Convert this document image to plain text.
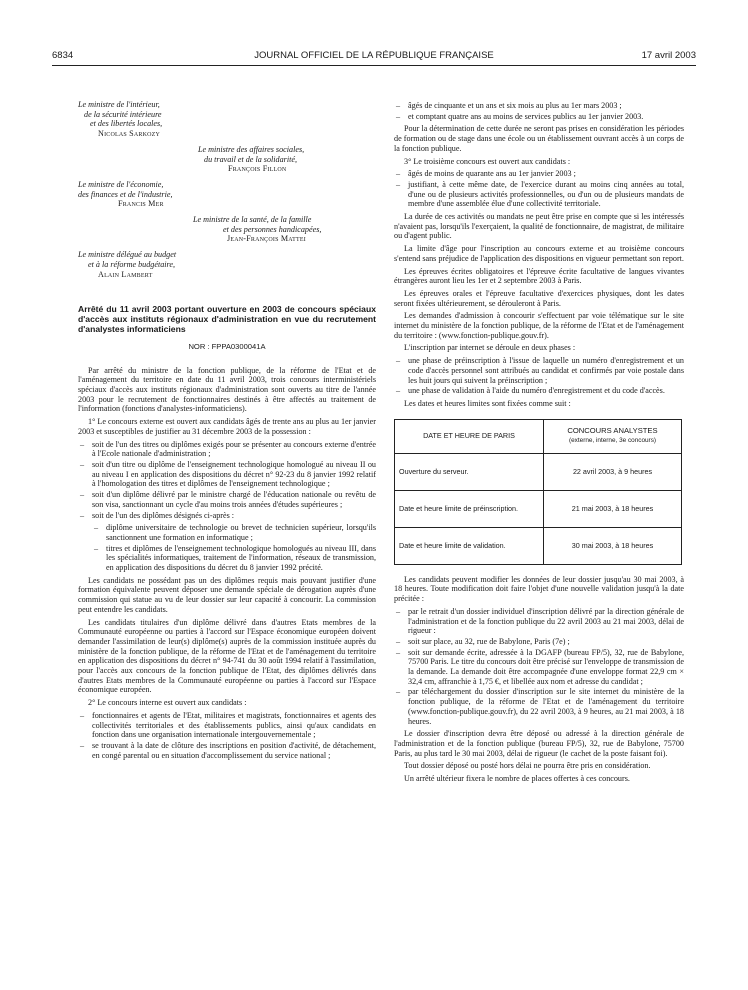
6834	JOURNAL OFFICIEL DE LA RÉPUBLIQUE FRANÇAISE	17 avril 2003

Le ministre de l'intérieur,

de la sécurité intérieure

et des libertés locales,

Nicolas Sarkozy

Le ministre des affaires sociales,

du travail et de la solidarité,

François Fillon

Le ministre de l'économie,

des finances et de l'industrie,

Francis Mer

Le ministre de la santé, de la famille

et des personnes handicapées,

Jean-François Mattei

Le ministre délégué au budget

et à la réforme budgétaire,

Alain Lambert

Arrêté du 11 avril 2003 portant ouverture en 2003 de concours spéciaux d'accès aux instituts régionaux d'administration en vue du recrutement d'analystes informaticiens
NOR : FPPA0300041A

Par arrêté du ministre de la fonction publique, de la réforme de l'Etat et de l'aménagement du territoire en date du 11 avril 2003, trois concours interministériels spéciaux d'accès aux instituts régionaux d'administration sont ouverts au titre de l'année 2003 pour le recrutement de fonctionnaires destinés à être affectés au traitement de l'information (fonctions d'analystes-informaticiens).

1° Le concours externe est ouvert aux candidats âgés de trente ans au plus au 1er janvier 2003 et susceptibles de justifier au 31 décembre 2003 de la possession :

– soit de l'un des titres ou diplômes exigés pour se présenter au concours externe d'entrée à l'Ecole nationale d'administration ;
– soit d'un titre ou diplôme de l'enseignement technologique homologué au niveau II ou au niveau I en application des dispositions du décret n° 92-23 du 8 janvier 1992 relatif à l'homologation des titres et diplômes de l'enseignement technologique ;
– soit d'un diplôme délivré par le ministre chargé de l'éducation nationale ou revêtu de son visa, sanctionnant un cycle d'au moins trois années d'études supérieures ;
– soit de l'un des diplômes désignés ci-après :
– diplôme universitaire de technologie ou brevet de technicien supérieur, lorsqu'ils sanctionnent une formation en informatique ;
– titres et diplômes de l'enseignement technologique homologués au niveau III, dans les spécialités informatiques, traitement de l'information, réseaux de transmission, en application des dispositions du décret du 8 janvier 1992 précité.

Les candidats ne possédant pas un des diplômes requis mais pouvant justifier d'une formation équivalente peuvent déposer une demande spéciale de dérogation auprès d'une commission qui statue au vu de leur dossier sur leur capacité à concourir. La commission peut entendre les candidats.

Les candidats titulaires d'un diplôme délivré dans d'autres Etats membres de la Communauté européenne ou parties à l'accord sur l'Espace économique européen doivent demander l'assimilation de leur(s) diplôme(s) auprès de la commission instituée auprès du ministère de la fonction publique, de la réforme de l'Etat et de l'aménagement du territoire en application des dispositions du décret n° 94-741 du 30 août 1994 relatif à l'assimilation, pour l'accès aux concours de la fonction publique de l'Etat, des diplômes délivrés dans d'autres Etats membres de la Communauté européenne ou parties à l'accord sur l'Espace économique européen.

2° Le concours interne est ouvert aux candidats :

– fonctionnaires et agents de l'Etat, militaires et magistrats, fonctionnaires et agents des collectivités territoriales et des établissements publics, ainsi qu'aux candidats en fonction dans une organisation internationale intergouvernementale ;
– se trouvant à la date de clôture des inscriptions en position d'activité, de détachement, en congé parental ou en situation d'accomplissement du service national ;
– âgés de cinquante et un ans et six mois au plus au 1er mars 2003 ;
– et comptant quatre ans au moins de services publics au 1er janvier 2003.

Pour la détermination de cette durée ne seront pas prises en considération les périodes de formation ou de stage dans une école ou un établissement ouvrant accès à un corps de la fonction publique.

3° Le troisième concours est ouvert aux candidats :

– âgés de moins de quarante ans au 1er janvier 2003 ;
– justifiant, à cette même date, de l'exercice durant au moins cinq années au total, d'une ou de plusieurs activités professionnelles, ou d'un ou de plusieurs mandats de membre d'une assemblée élue d'une collectivité territoriale.

La durée de ces activités ou mandats ne peut être prise en compte que si les intéressés n'avaient pas, lorsqu'ils l'exerçaient, la qualité de fonctionnaire, de magistrat, de militaire ou d'agent public.

La limite d'âge pour l'inscription au concours externe et au troisième concours s'entend sans préjudice de l'application des dispositions en vigueur permettant son report.

Les épreuves écrites obligatoires et l'épreuve écrite facultative de langues vivantes étrangères auront lieu les 1er et 2 septembre 2003 à Paris.

Les épreuves orales et l'épreuve facultative d'exercices physiques, dont les dates seront fixées ultérieurement, se dérouleront à Paris.

Les demandes d'admission à concourir s'effectuent par voie télématique sur le site internet du ministère de la fonction publique, de la réforme de l'Etat et de l'aménagement du territoire : (www.fonction-publique.gouv.fr).

L'inscription par internet se déroule en deux phases :

– une phase de préinscription à l'issue de laquelle un numéro d'enregistrement et un code d'accès personnel sont attribués au candidat et confirmés par voie postale dans les huit jours qui suivent la préinscription ;
– une phase de validation à l'aide du numéro d'enregistrement et du code d'accès.

Les dates et heures limites sont fixées comme suit :

DATE ET HEURE DE PARIS	CONCOURS ANALYSTES
(externe, interne, 3e concours)

Ouverture du serveur.	22 avril 2003, à 9 heures
Date et heure limite de préinscription.	21 mai 2003, à 18 heures
Date et heure limite de validation.	30 mai 2003, à 18 heures

Les candidats peuvent modifier les données de leur dossier jusqu'au 30 mai 2003, à 18 heures. Toute modification doit faire l'objet d'une nouvelle validation jusqu'à la date précitée :

– par le retrait d'un dossier individuel d'inscription délivré par la direction générale de l'administration et de la fonction publique du 22 avril 2003 au 21 mai 2003, délai de rigueur :
– soit sur place, au 32, rue de Babylone, Paris (7e) ;
– soit sur demande écrite, adressée à la DGAFP (bureau FP/5), 32, rue de Babylone, 75700 Paris. Le titre du concours doit être précisé sur l'enveloppe de transmission de la demande. La demande doit être accompagnée d'une enveloppe format 22,9 cm × 32,4 cm, affranchie à 1,75 €, et libellée aux nom et adresse du candidat ;
– par téléchargement du dossier d'inscription sur le site internet du ministère de la fonction publique, de la réforme de l'Etat et de l'aménagement du territoire (www.fonction-publique.gouv.fr), du 22 avril 2003, à 9 heures, au 21 mai 2003, à 18 heures.

Le dossier d'inscription devra être déposé ou adressé à la direction générale de l'administration et de la fonction publique (bureau FP/5), 32, rue de Babylone, 75700 Paris, au plus tard le 30 mai 2003, délai de rigueur (le cachet de la poste faisant foi).

Tout dossier déposé ou posté hors délai ne pourra être pris en considération.

Un arrêté ultérieur fixera le nombre de places offertes à ces concours.
